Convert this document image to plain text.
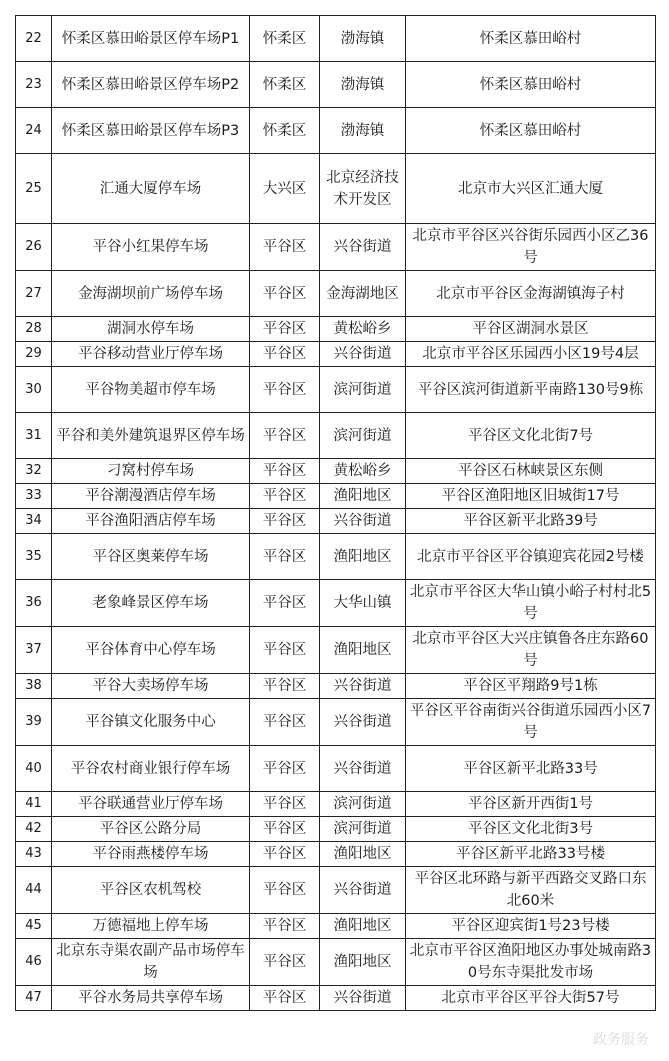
22	怀柔区慕田峪景区停车场P1	怀柔区	渤海镇	怀柔区慕田峪村
23	怀柔区慕田峪景区停车场P2	怀柔区	渤海镇	怀柔区慕田峪村
24	怀柔区慕田峪景区停车场P3	怀柔区	渤海镇	怀柔区慕田峪村
25	汇通大厦停车场	大兴区	北京经济技术开发区	北京市大兴区汇通大厦
26	平谷小红果停车场	平谷区	兴谷街道	北京市平谷区兴谷街乐园西小区乙36号
27	金海湖坝前广场停车场	平谷区	金海湖地区	北京市平谷区金海湖镇海子村
28	湖洞水停车场	平谷区	黄松峪乡	平谷区湖洞水景区
29	平谷移动营业厅停车场	平谷区	兴谷街道	北京市平谷区乐园西小区19号4层
30	平谷物美超市停车场	平谷区	滨河街道	平谷区滨河街道新平南路130号9栋
31	平谷和美外建筑退界区停车场	平谷区	滨河街道	平谷区文化北街7号
32	刁窝村停车场	平谷区	黄松峪乡	平谷区石林峡景区东侧
33	平谷潮漫酒店停车场	平谷区	渔阳地区	平谷区渔阳地区旧城街17号
34	平谷渔阳酒店停车场	平谷区	兴谷街道	平谷区新平北路39号
35	平谷区奥莱停车场	平谷区	渔阳地区	北京市平谷区平谷镇迎宾花园2号楼
36	老象峰景区停车场	平谷区	大华山镇	北京市平谷区大华山镇小峪子村村北5号
37	平谷体育中心停车场	平谷区	渔阳地区	北京市平谷区大兴庄镇鲁各庄东路60号
38	平谷大卖场停车场	平谷区	兴谷街道	平谷区平翔路9号1栋
39	平谷镇文化服务中心	平谷区	兴谷街道	平谷区平谷南街兴谷街道乐园西小区7号
40	平谷农村商业银行停车场	平谷区	兴谷街道	平谷区新平北路33号
41	平谷联通营业厅停车场	平谷区	滨河街道	平谷区新开西街1号
42	平谷区公路分局	平谷区	滨河街道	平谷区文化北街3号
43	平谷雨燕楼停车场	平谷区	渔阳地区	平谷区新平北路33号楼
44	平谷区农机驾校	平谷区	兴谷街道	平谷区北环路与新平西路交叉路口东北60米
45	万德福地上停车场	平谷区	渔阳地区	平谷区迎宾街1号23号楼
46	北京东寺渠农副产品市场停车场	平谷区	渔阳地区	北京市平谷区渔阳地区办事处城南路30号东寺渠批发市场
47	平谷水务局共享停车场	平谷区	兴谷街道	北京市平谷区平谷大街57号
政务服务
